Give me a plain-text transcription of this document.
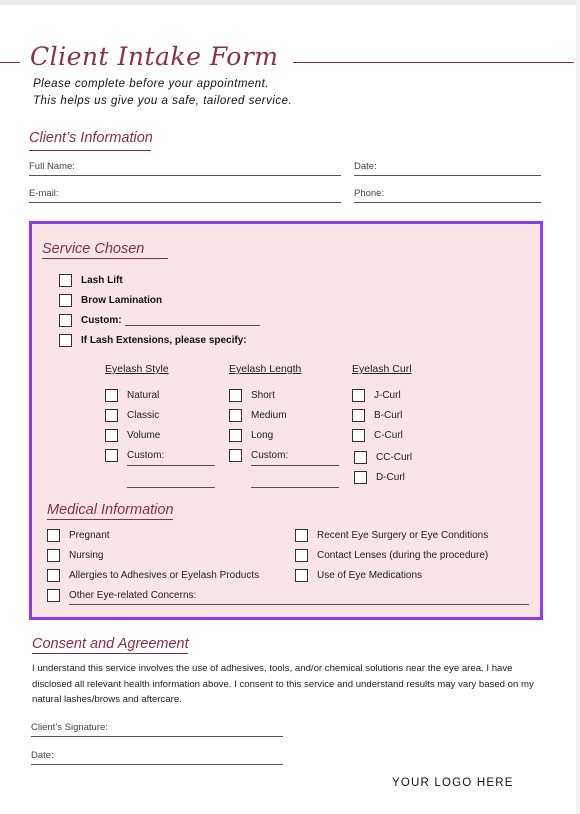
Client Intake Form
Please complete before your appointment.
This helps us give you a safe, tailored service.
Client’s Information
Full Name:	Date:
E-mail:	Phone:
Service Chosen
Lash Lift
Brow Lamination
Custom:
If Lash Extensions, please specify:
Eyelash Style
Natural
Classic
Volume
Custom:
Eyelash Length
Short
Medium
Long
Custom:
Eyelash Curl
J-Curl
B-Curl
C-Curl
CC-Curl
D-Curl
Medical Information
Pregnant
Nursing
Allergies to Adhesives or Eyelash Products
Other Eye-related Concerns:
Recent Eye Surgery or Eye Conditions
Contact Lenses (during the procedure)
Use of Eye Medications
Consent and Agreement
I understand this service involves the use of adhesives, tools, and/or chemical solutions near the eye area. I have disclosed all relevant health information above. I consent to this service and understand results may vary based on my natural lashes/brows and aftercare.
Client’s Signature:
Date:
YOUR LOGO HERE
